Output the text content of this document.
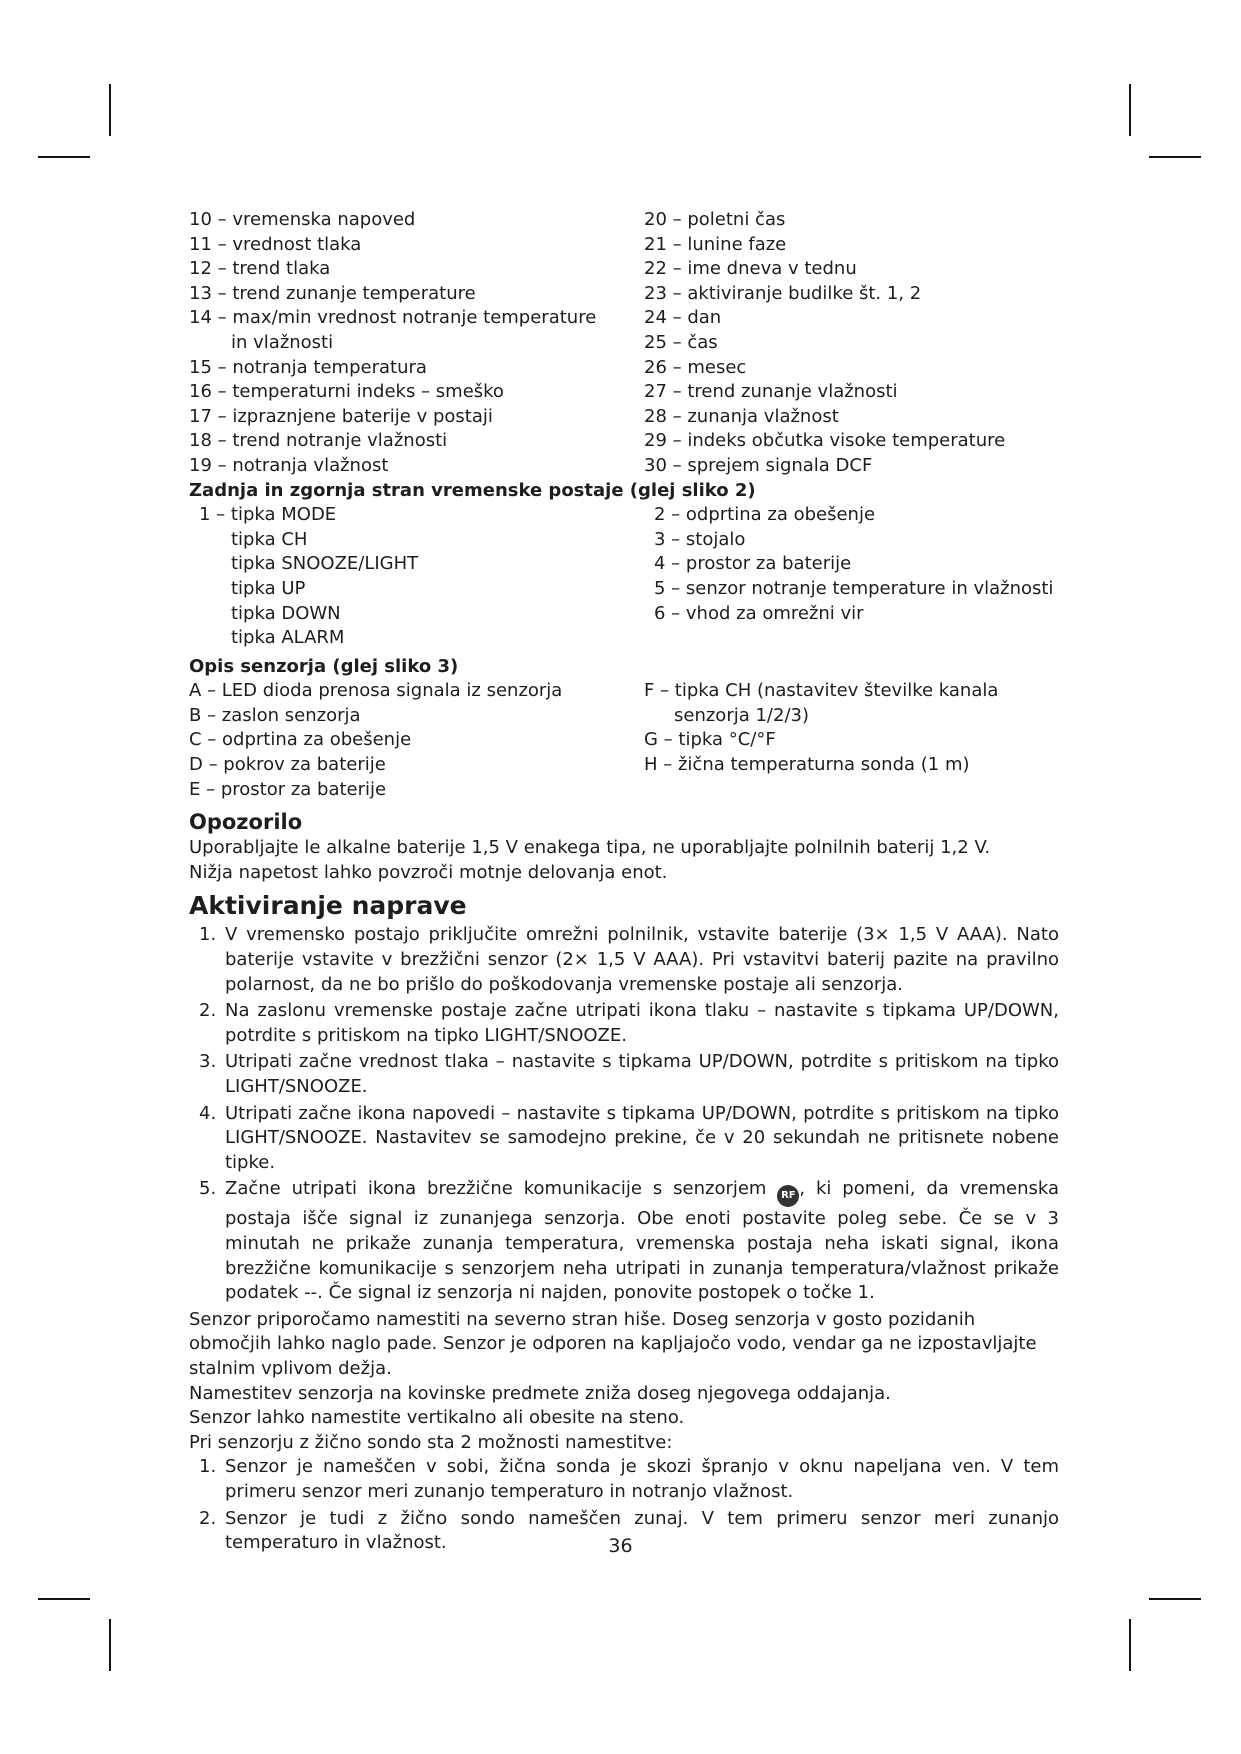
10 – vremenska napoved
11 – vrednost tlaka
12 – trend tlaka
13 – trend zunanje temperature
14 – max/min vrednost notranje temperature
in vlažnosti
15 – notranja temperatura
16 – temperaturni indeks – smeško
17 – izpraznjene baterije v postaji
18 – trend notranje vlažnosti
19 – notranja vlažnost
20 – poletni čas
21 – lunine faze
22 – ime dneva v tednu
23 – aktiviranje budilke št. 1, 2
24 – dan
25 – čas
26 – mesec
27 – trend zunanje vlažnosti
28 – zunanja vlažnost
29 – indeks občutka visoke temperature
30 – sprejem signala DCF
Zadnja in zgornja stran vremenske postaje (glej sliko 2)
1 – tipka MODE
tipka CH
tipka SNOOZE/LIGHT
tipka UP
tipka DOWN
tipka ALARM
2 – odprtina za obešenje
3 – stojalo
4 – prostor za baterije
5 – senzor notranje temperature in vlažnosti
6 – vhod za omrežni vir
Opis senzorja (glej sliko 3)
A – LED dioda prenosa signala iz senzorja
B – zaslon senzorja
C – odprtina za obešenje
D – pokrov za baterije
E – prostor za baterije
F – tipka CH (nastavitev številke kanala
senzorja 1/2/3)
G – tipka °C/°F
H – žična temperaturna sonda (1 m)
Opozorilo
Uporabljajte le alkalne baterije 1,5 V enakega tipa, ne uporabljajte polnilnih baterij 1,2 V.
Nižja napetost lahko povzroči motnje delovanja enot.
Aktiviranje naprave
1. V vremensko postajo priključite omrežni polnilnik, vstavite baterije (3× 1,5 V AAA). Nato baterije vstavite v brezžični senzor (2× 1,5 V AAA). Pri vstavitvi baterij pazite na pravilno polarnost, da ne bo prišlo do poškodovanja vremenske postaje ali senzorja.
2. Na zaslonu vremenske postaje začne utripati ikona tlaku – nastavite s tipkama UP/DOWN, potrdite s pritiskom na tipko LIGHT/SNOOZE.
3. Utripati začne vrednost tlaka – nastavite s tipkama UP/DOWN, potrdite s pritiskom na tipko LIGHT/SNOOZE.
4. Utripati začne ikona napovedi – nastavite s tipkama UP/DOWN, potrdite s pritiskom na tipko LIGHT/SNOOZE. Nastavitev se samodejno prekine, če v 20 sekundah ne pritisnete nobene tipke.
5. Začne utripati ikona brezžične komunikacije s senzorjem RF , ki pomeni, da vremenska postaja išče signal iz zunanjega senzorja. Obe enoti postavite poleg sebe. Če se v 3 minutah ne prikaže zunanja temperatura, vremenska postaja neha iskati signal, ikona brezžične komunikacije s senzorjem neha utripati in zunanja temperatura/vlažnost prikaže podatek --. Če signal iz senzorja ni najden, ponovite postopek o točke 1.
Senzor priporočamo namestiti na severno stran hiše. Doseg senzorja v gosto pozidanih območjih lahko naglo pade. Senzor je odporen na kapljajočo vodo, vendar ga ne izpostavljajte stalnim vplivom dežja.
Namestitev senzorja na kovinske predmete zniža doseg njegovega oddajanja.
Senzor lahko namestite vertikalno ali obesite na steno.
Pri senzorju z žično sondo sta 2 možnosti namestitve:
1. Senzor je nameščen v sobi, žična sonda je skozi špranjo v oknu napeljana ven. V tem primeru senzor meri zunanjo temperaturo in notranjo vlažnost.
2. Senzor je tudi z žično sondo nameščen zunaj. V tem primeru senzor meri zunanjo temperaturo in vlažnost.	36
